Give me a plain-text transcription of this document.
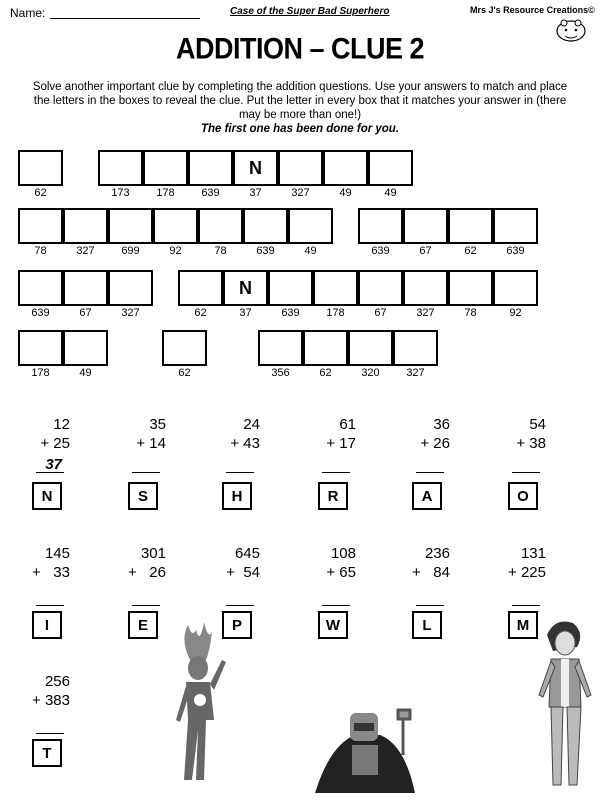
Name:	Case of the Super Bad Superhero	Mrs J's Resource Creations©
ADDITION – CLUE 2
Solve another important clue by completing the addition questions. Use your answers to match and place the letters in the boxes to reveal the clue. Put the letter in every box that it matches your answer in (there may be more than one!)
The first one has been done for you.
62	173	178	639
N
37	327	49	49
78	327	699	92	78	639	49	639	67	62	639
639	67	327	62
N
37	639	178	67	327	78	92
178	49	62	356	62	320	327
12
+ 25
37
N
35
+ 14
S
24
+ 43
H
61
+ 17
R
36
+ 26
A
54
+ 38
O
145
+   33
I
301
+   26
E
645
+  54
P
108
+ 65
W
236
+   84
L
131
+ 225
M
256
+ 383
T
